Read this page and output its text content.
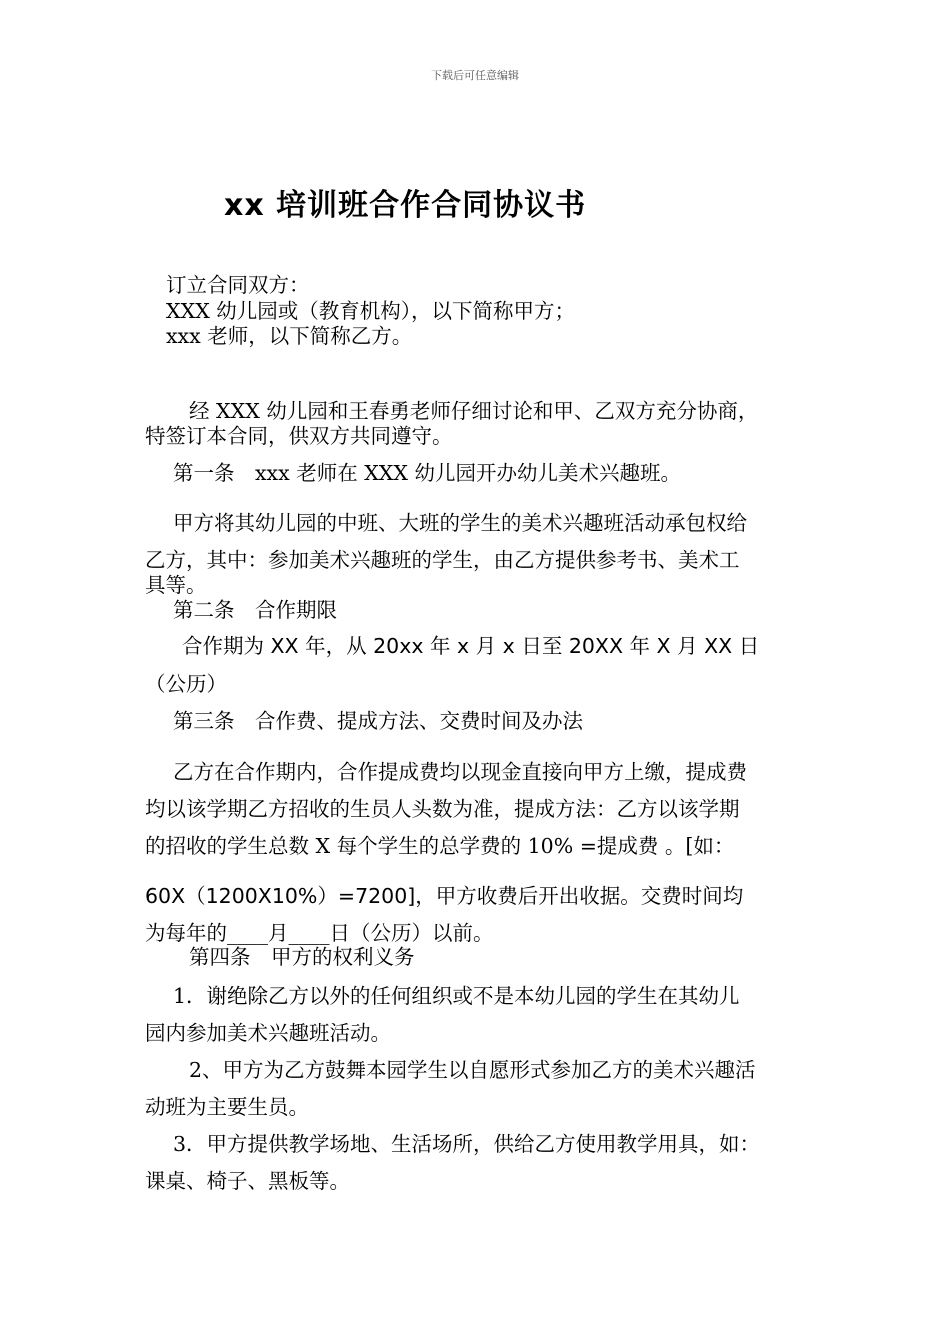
下载后可任意编辑
xx 培训班合作合同协议书
订立合同双方：
XXX 幼儿园或（教育机构），以下简称甲方；
xxx 老师，以下简称乙方。
经 XXX 幼儿园和王春勇老师仔细讨论和甲、乙双方充分协商，
特签订本合同，供双方共同遵守。
第一条　xxx 老师在 XXX 幼儿园开办幼儿美术兴趣班。
甲方将其幼儿园的中班、大班的学生的美术兴趣班活动承包权给
乙方，其中：参加美术兴趣班的学生，由乙方提供参考书、美术工
具等。
第二条　合作期限
合作期为 XX 年，从 20xx 年 x 月 x 日至 20XX 年 X 月 XX 日
（公历）
第三条　合作费、提成方法、交费时间及办法
乙方在合作期内，合作提成费均以现金直接向甲方上缴，提成费
均以该学期乙方招收的生员人头数为准，提成方法：乙方以该学期
的招收的学生总数 X 每个学生的总学费的 10% =提成费 。[如：
60X（1200X10%）=7200]，甲方收费后开出收据。交费时间均
为每年的____月____日（公历）以前。
第四条　甲方的权利义务
1．谢绝除乙方以外的任何组织或不是本幼儿园的学生在其幼儿
园内参加美术兴趣班活动。
2、甲方为乙方鼓舞本园学生以自愿形式参加乙方的美术兴趣活
动班为主要生员。
3．甲方提供教学场地、生活场所，供给乙方使用教学用具，如：
课桌、椅子、黑板等。
